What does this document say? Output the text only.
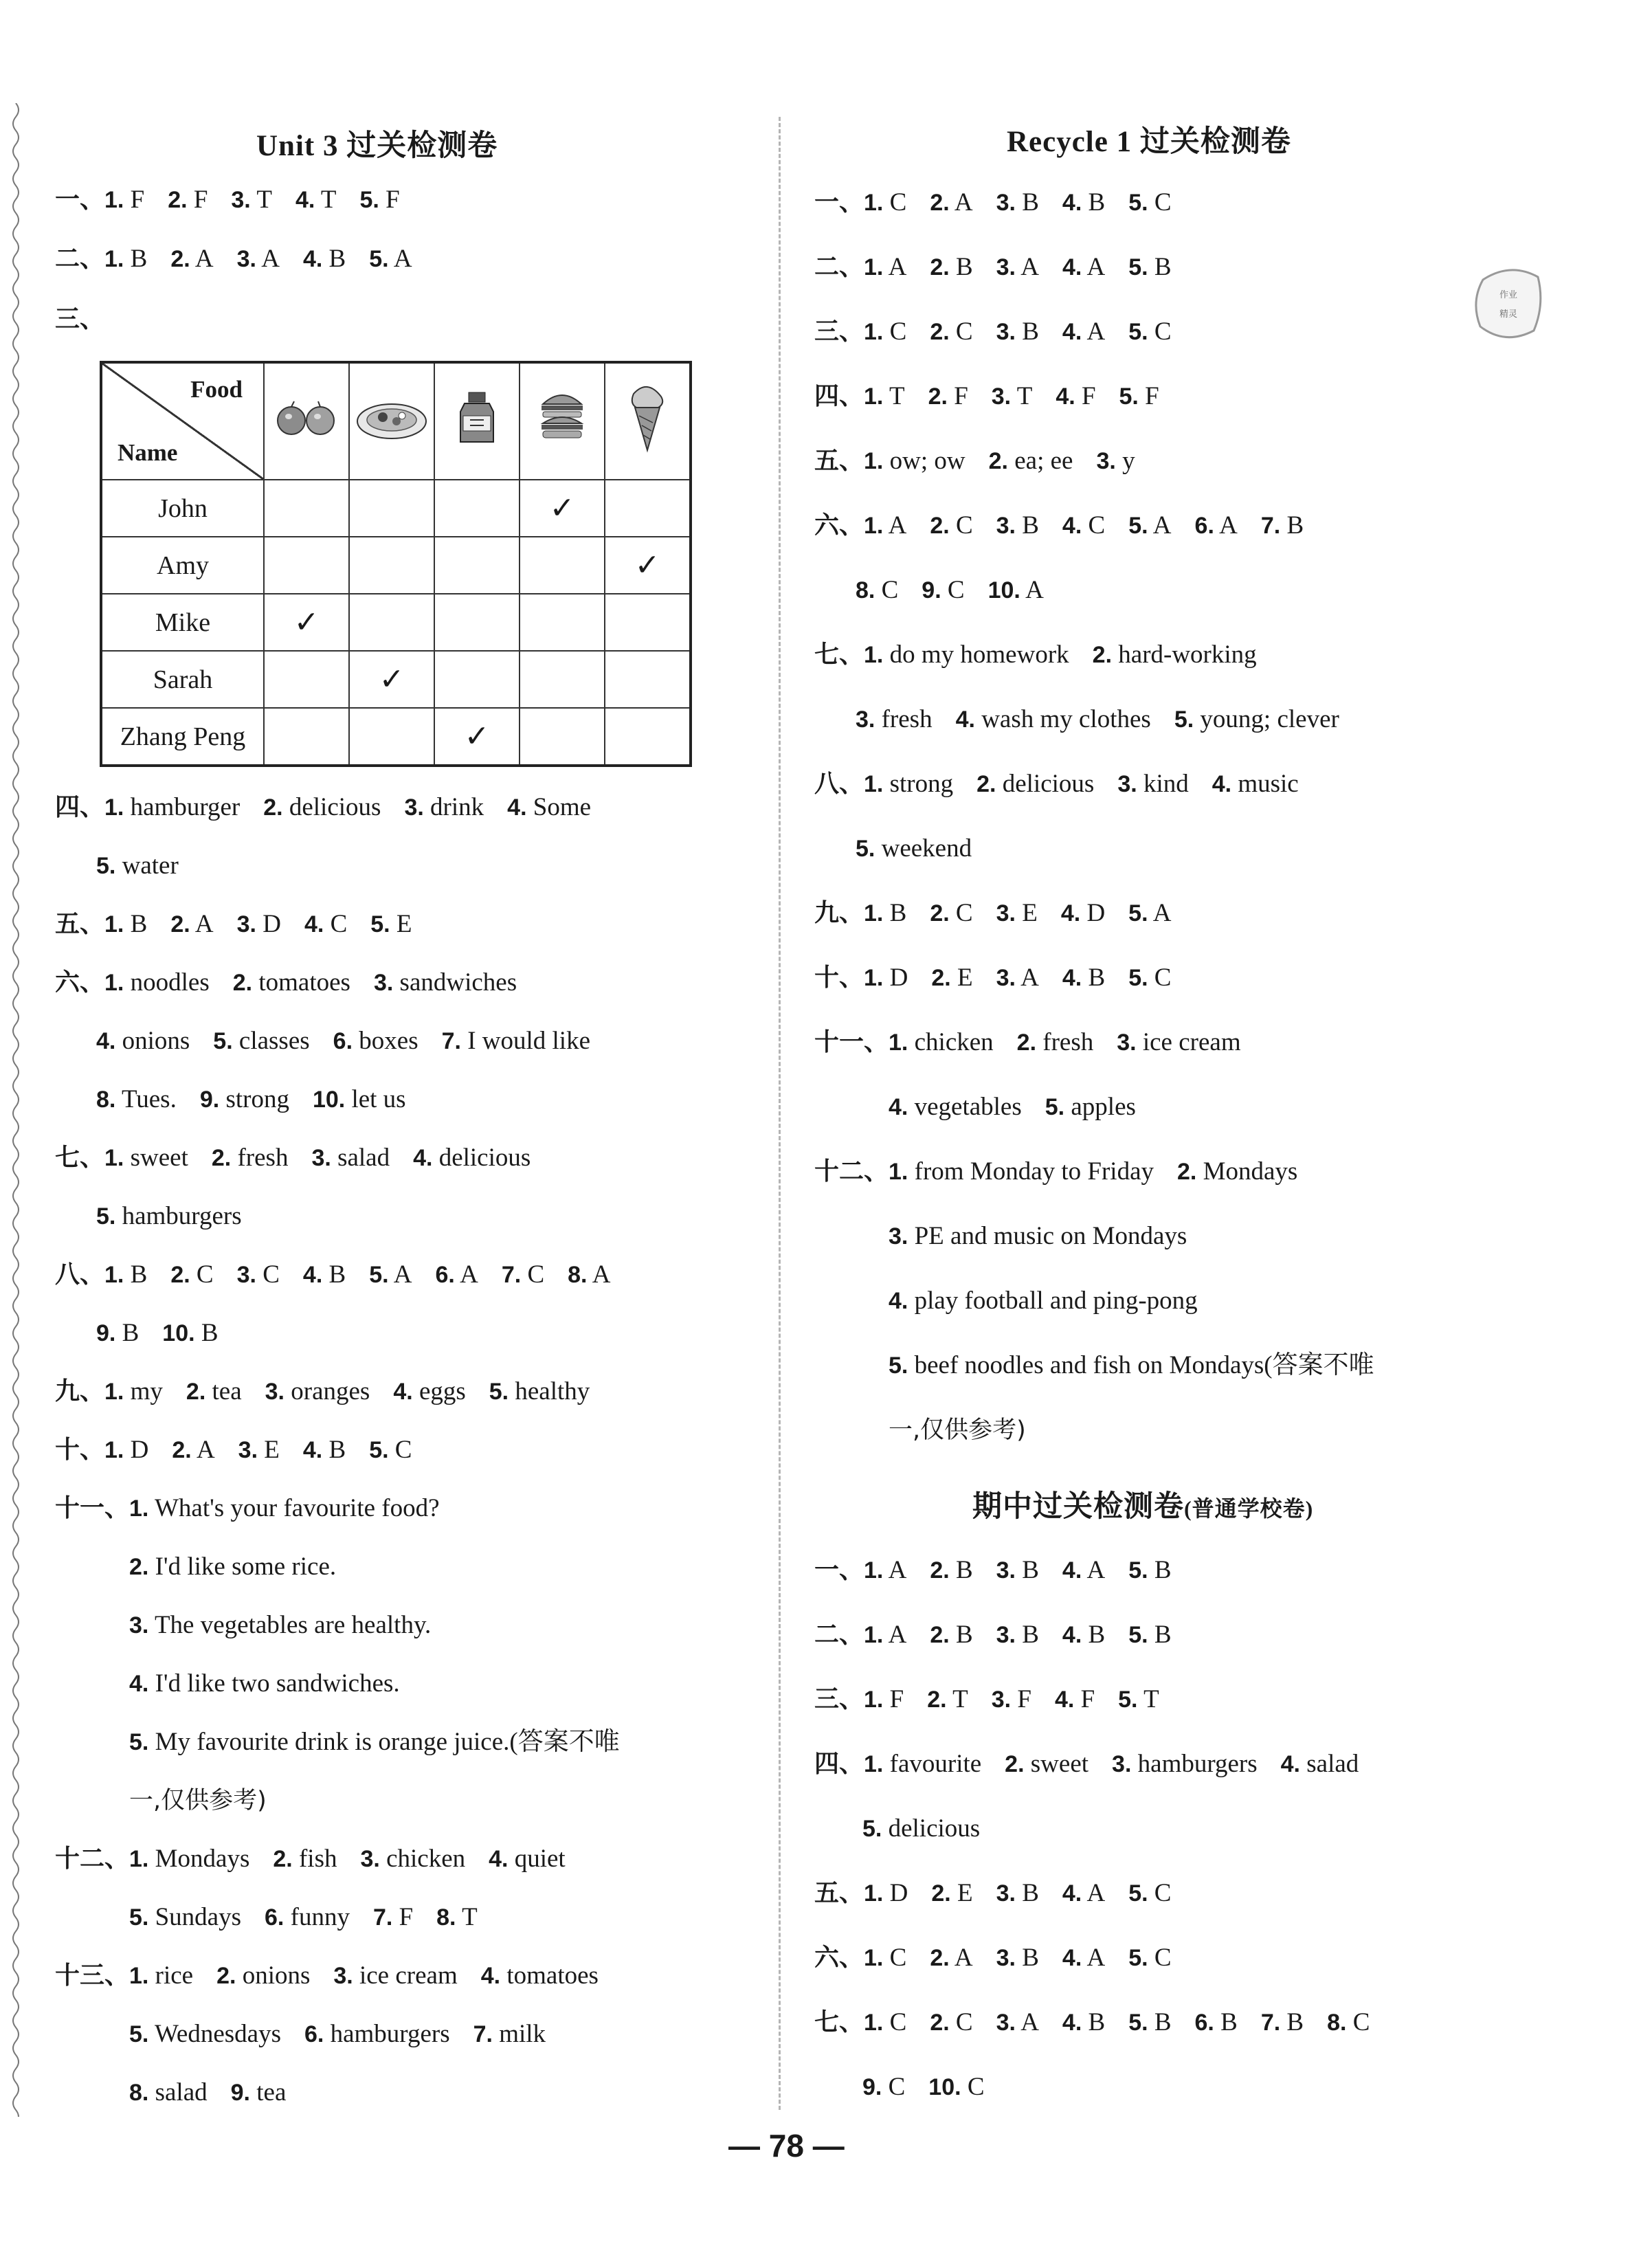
Unit 3 过关检测卷
一、1. F 2. F 3. T 4. T 5. F
二、1. B 2. A 3. A 4. B 5. A
三、
Food
Name

John				✓	
Amy					✓
Mike	✓				
Sarah		✓			
Zhang Peng			✓		
四、1. hamburger 2. delicious 3. drink 4. Some
5. water
五、1. B 2. A 3. D 4. C 5. E
六、1. noodles 2. tomatoes 3. sandwiches
4. onions 5. classes 6. boxes 7. I would like
8. Tues. 9. strong 10. let us
七、1. sweet 2. fresh 3. salad 4. delicious
5. hamburgers
八、1. B 2. C 3. C 4. B 5. A 6. A 7. C 8. A
9. B 10. B
九、1. my 2. tea 3. oranges 4. eggs 5. healthy
十、1. D 2. A 3. E 4. B 5. C
十一、1. What's your favourite food?
2. I'd like some rice.
3. The vegetables are healthy.
4. I'd like two sandwiches.
5. My favourite drink is orange juice.(答案不唯
一,仅供参考)
十二、1. Mondays 2. fish 3. chicken 4. quiet
5. Sundays 6. funny 7. F 8. T
十三、1. rice 2. onions 3. ice cream 4. tomatoes
5. Wednesdays 6. hamburgers 7. milk
8. salad 9. tea
Recycle 1 过关检测卷
一、1. C 2. A 3. B 4. B 5. C
二、1. A 2. B 3. A 4. A 5. B
三、1. C 2. C 3. B 4. A 5. C
四、1. T 2. F 3. T 4. F 5. F
五、1. ow; ow 2. ea; ee 3. y
六、1. A 2. C 3. B 4. C 5. A 6. A 7. B
8. C 9. C 10. A
七、1. do my homework 2. hard-working
3. fresh 4. wash my clothes 5. young; clever
八、1. strong 2. delicious 3. kind 4. music
5. weekend
九、1. B 2. C 3. E 4. D 5. A
十、1. D 2. E 3. A 4. B 5. C
十一、1. chicken 2. fresh 3. ice cream
4. vegetables 5. apples
十二、1. from Monday to Friday 2. Mondays
3. PE and music on Mondays
4. play football and ping-pong
5. beef noodles and fish on Mondays(答案不唯
一,仅供参考)
期中过关检测卷(普通学校卷)
一、1. A 2. B 3. B 4. A 5. B
二、1. A 2. B 3. B 4. B 5. B
三、1. F 2. T 3. F 4. F 5. T
四、1. favourite 2. sweet 3. hamburgers 4. salad
5. delicious
五、1. D 2. E 3. B 4. A 5. C
六、1. C 2. A 3. B 4. A 5. C
七、1. C 2. C 3. A 4. B 5. B 6. B 7. B 8. C
9. C 10. C
作业
精灵
— 78 —
